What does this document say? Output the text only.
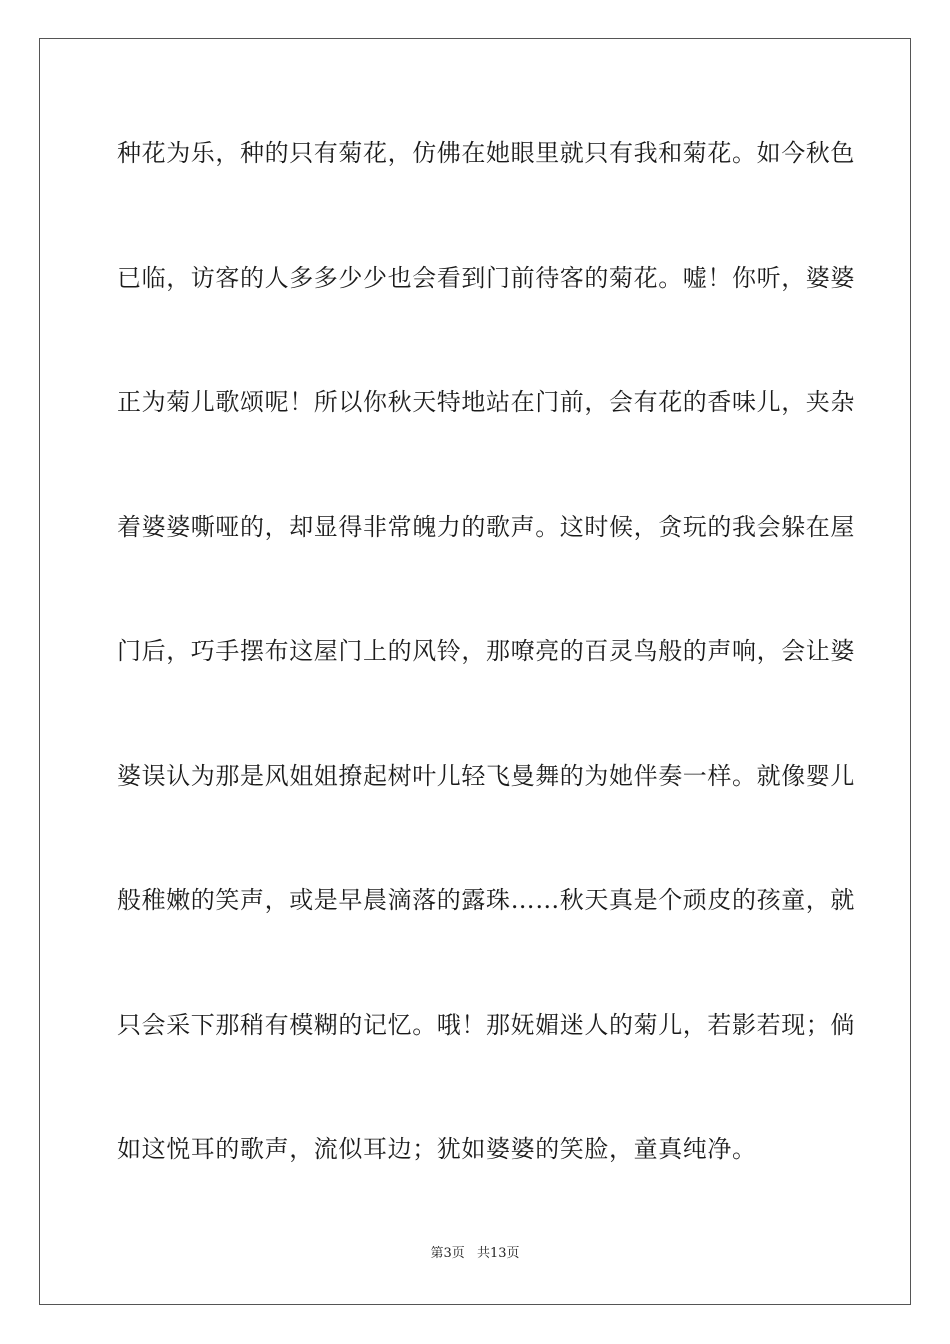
种花为乐，种的只有菊花，仿佛在她眼里就只有我和菊花。如今秋色
已临，访客的人多多少少也会看到门前待客的菊花。嘘！你听，婆婆
正为菊儿歌颂呢！所以你秋天特地站在门前，会有花的香味儿，夹杂
着婆婆嘶哑的，却显得非常魄力的歌声。这时候，贪玩的我会躲在屋
门后，巧手摆布这屋门上的风铃，那嘹亮的百灵鸟般的声响，会让婆
婆误认为那是风姐姐撩起树叶儿轻飞曼舞的为她伴奏一样。就像婴儿
般稚嫩的笑声，或是早晨滴落的露珠……秋天真是个顽皮的孩童，就
只会采下那稍有模糊的记忆。哦！那妩媚迷人的菊儿，若影若现；倘
如这悦耳的歌声，流似耳边；犹如婆婆的笑脸，童真纯净。
第3页 共13页
